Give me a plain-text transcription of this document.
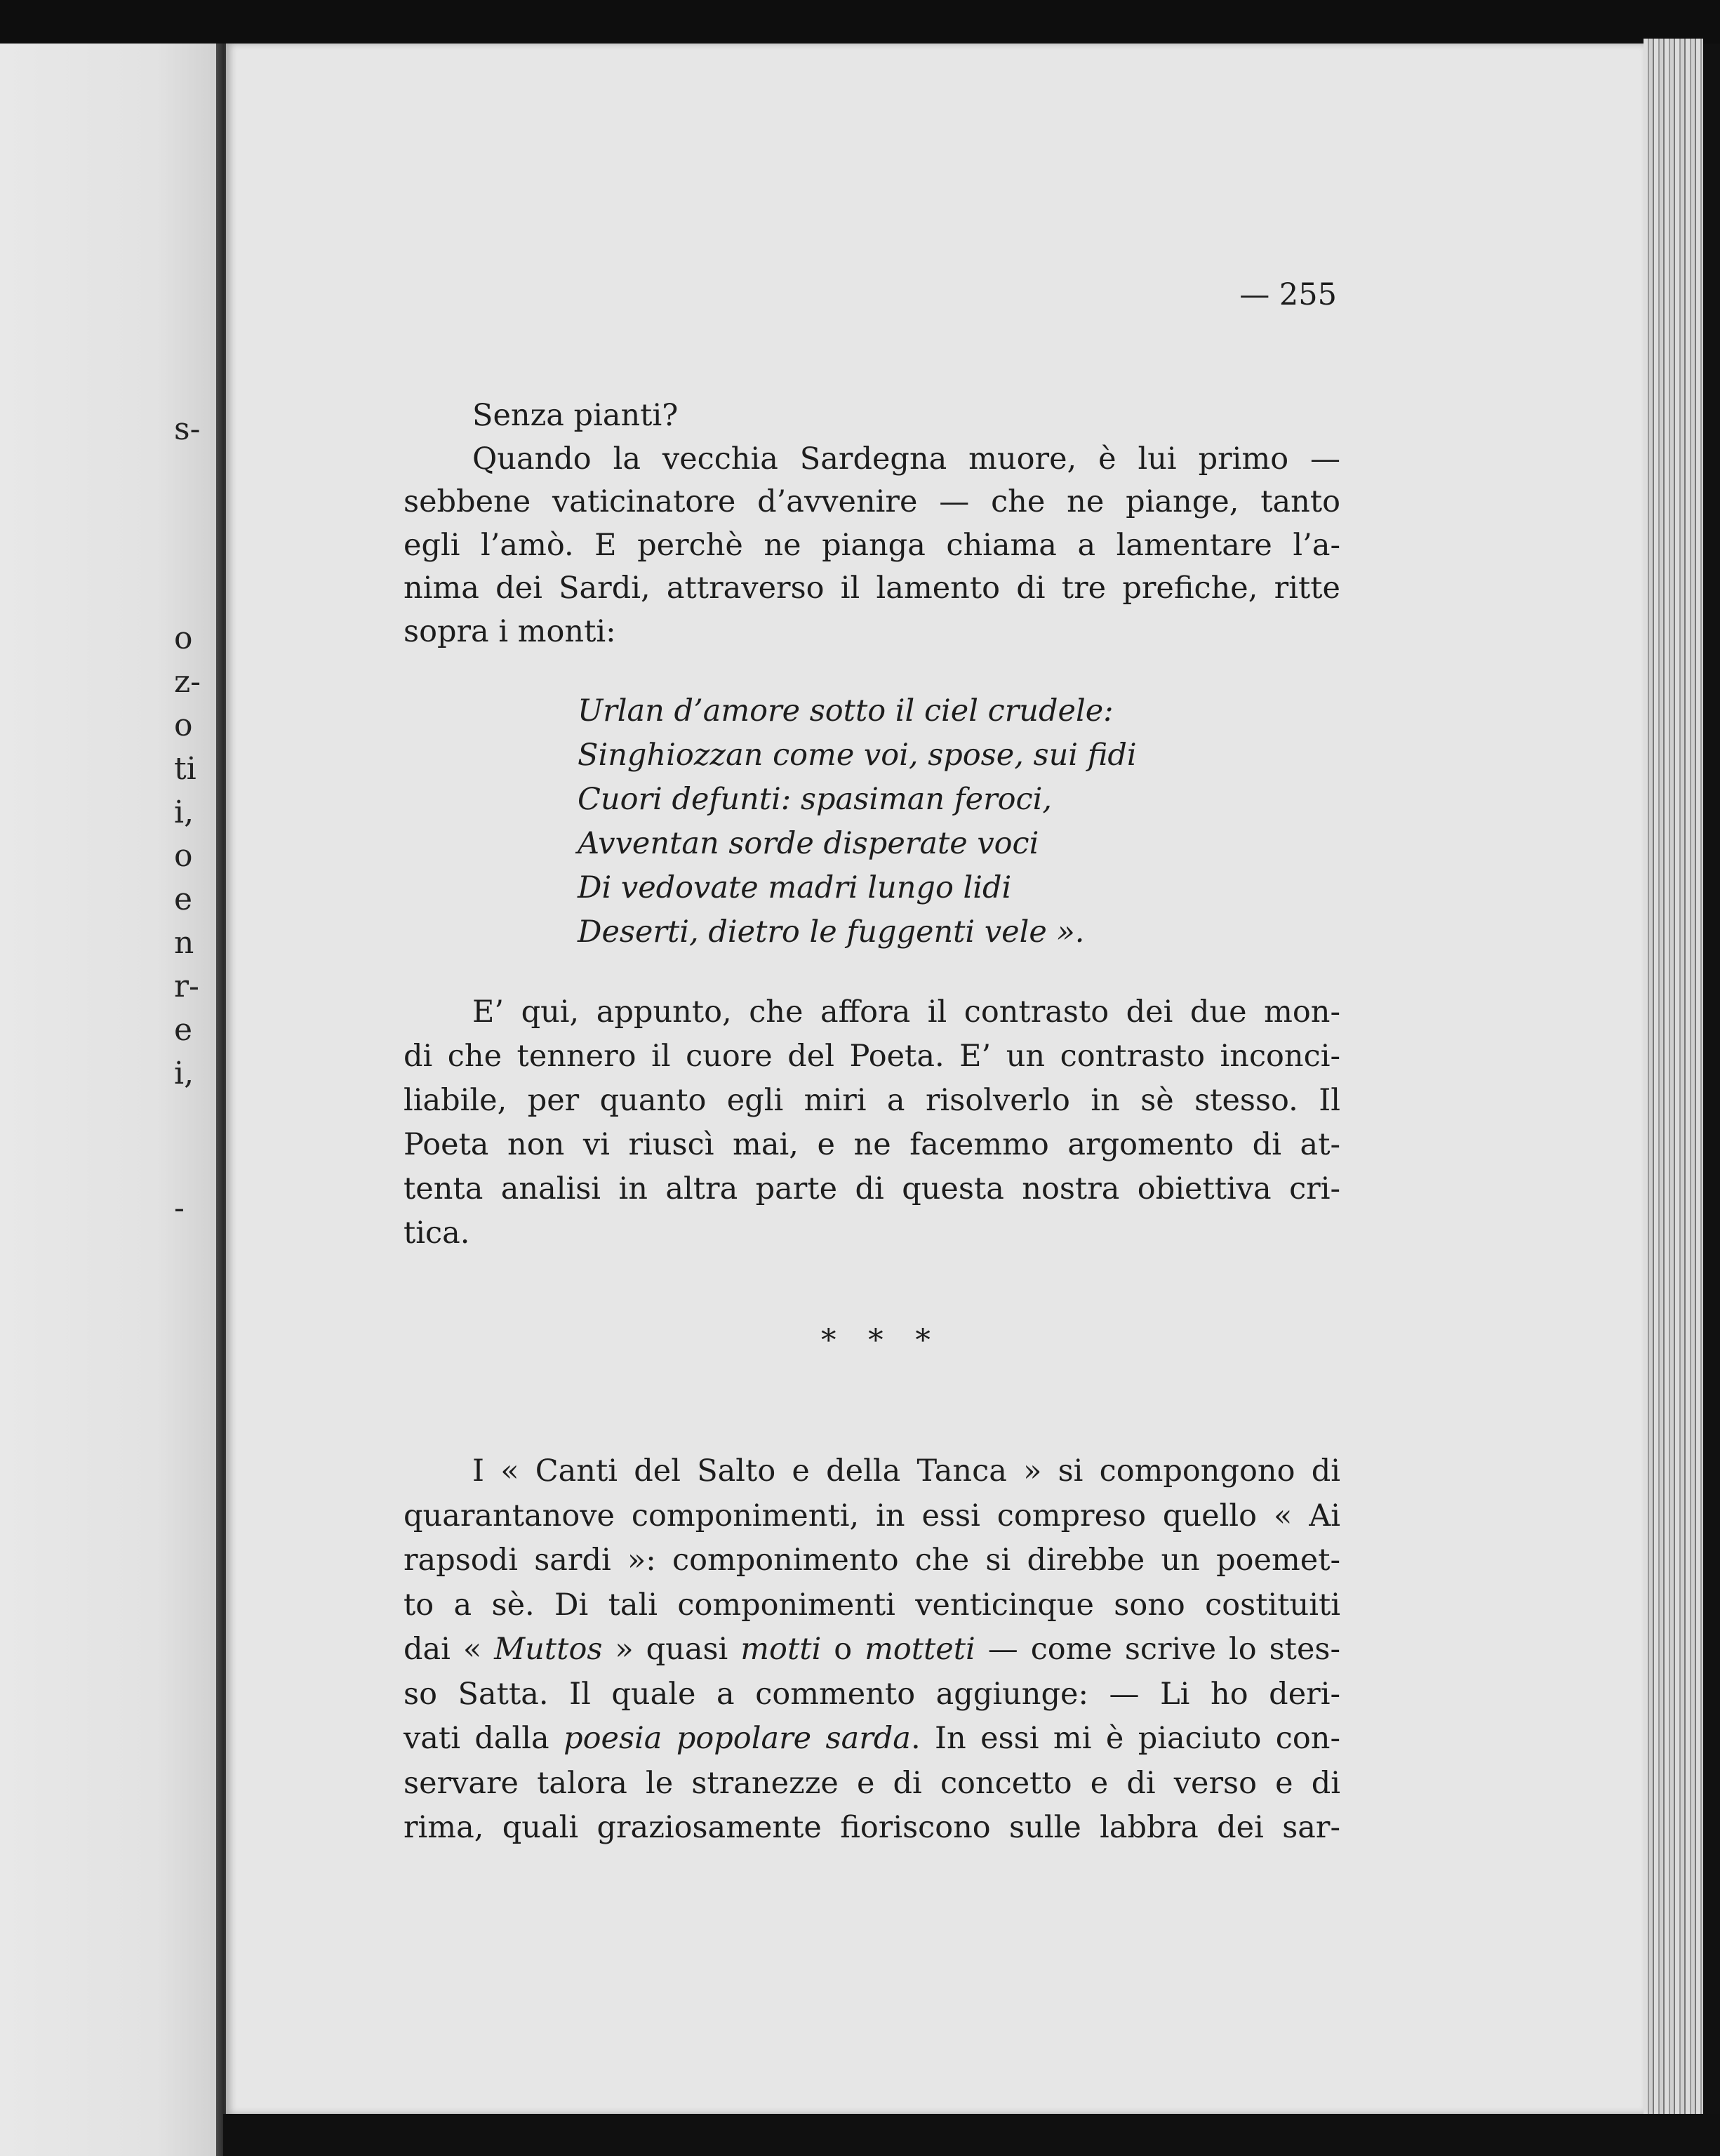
s-
o
z-
o
ti
i,
o
e
n
r-
e
i,
-
— 255
Senza pianti?
Quando la vecchia Sardegna muore, è lui primo —
sebbene vaticinatore d’avvenire — che ne piange, tanto
egli l’amò. E perchè ne pianga chiama a lamentare l’a-
nima dei Sardi, attraverso il lamento di tre prefiche, ritte
sopra i monti:
Urlan d’amore sotto il ciel crudele:
Singhiozzan come voi, spose, sui fidi
Cuori defunti: spasiman feroci,
Avventan sorde disperate voci
Di vedovate madri lungo lidi
Deserti, dietro le fuggenti vele ».
E’ qui, appunto, che affora il contrasto dei due mon-
di che tennero il cuore del Poeta. E’ un contrasto inconci-
liabile, per quanto egli miri a risolverlo in sè stesso. Il
Poeta non vi riuscì mai, e ne facemmo argomento di at-
tenta analisi in altra parte di questa nostra obiettiva cri-
tica.
* * *
I « Canti del Salto e della Tanca » si compongono di
quarantanove componimenti, in essi compreso quello « Ai
rapsodi sardi »: componimento che si direbbe un poemet-
to a sè. Di tali componimenti venticinque sono costituiti
dai « Muttos » quasi motti o motteti — come scrive lo stes-
so Satta. Il quale a commento aggiunge: — Li ho deri-
vati dalla poesia popolare sarda. In essi mi è piaciuto con-
servare talora le stranezze e di concetto e di verso e di
rima, quali graziosamente fioriscono sulle labbra dei sar-
